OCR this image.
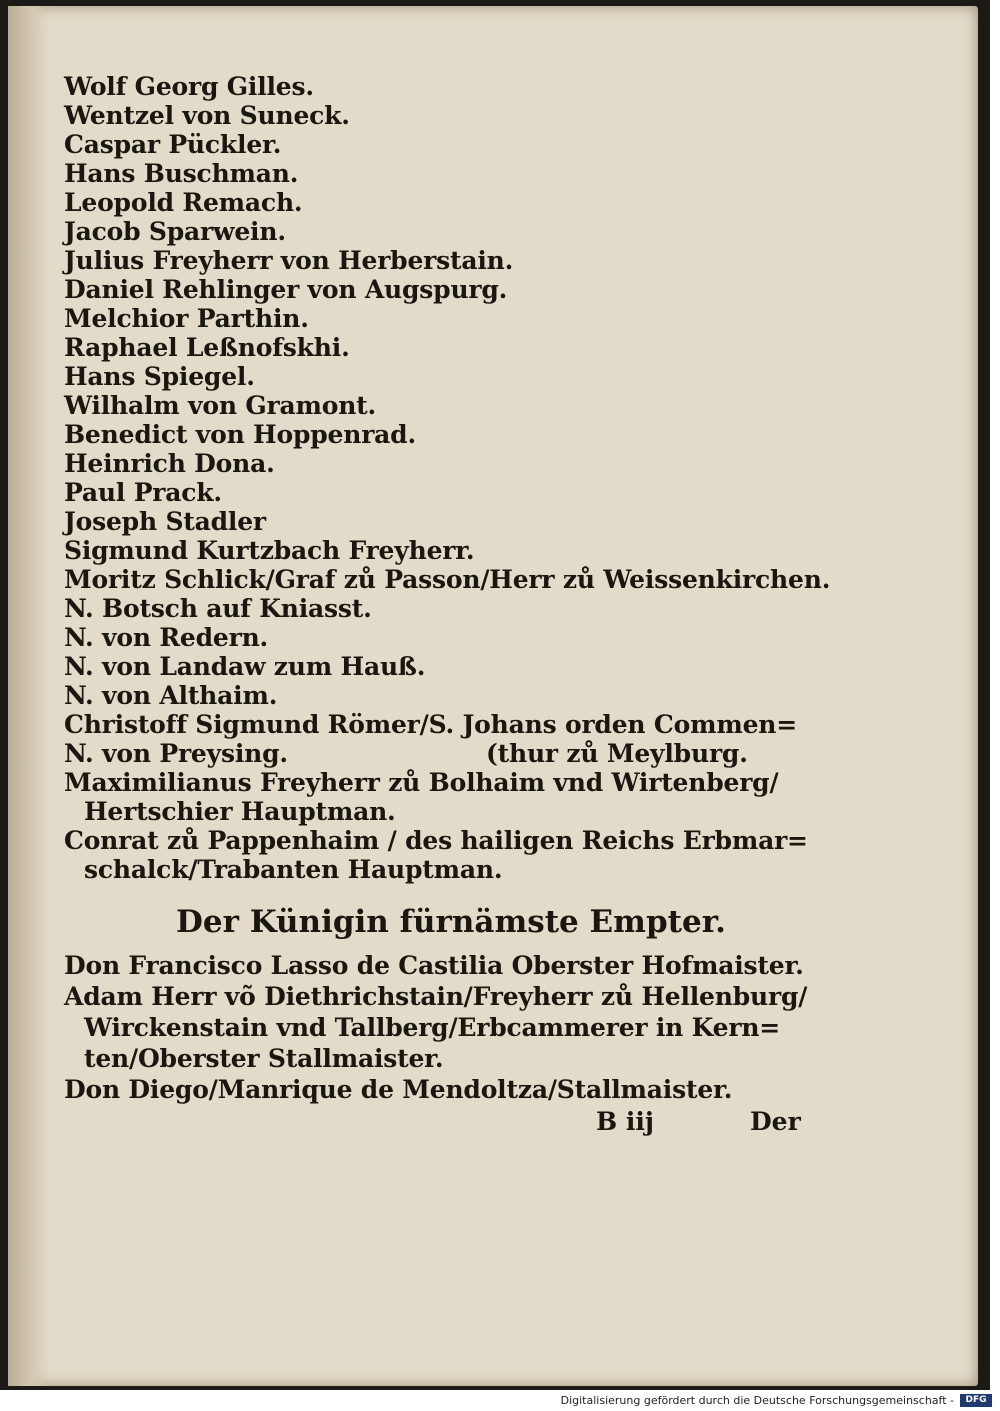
Wolf Georg Gilles.
Wentzel von Suneck.
Caspar Pückler.
Hans Buschman.
Leopold Remach.
Jacob Sparwein.
Julius Freyherr von Herberstain.
Daniel Rehlinger von Augspurg.
Melchior Parthin.
Raphael Leßnofskhi.
Hans Spiegel.
Wilhalm von Gramont.
Benedict von Hoppenrad.
Heinrich Dona.
Paul Prack.
Joseph Stadler
Sigmund Kurtzbach Freyherr.
Moritz Schlick/Graf zů Passon/Herr zů Weissenkirchen.
N. Botsch auf Kniasst.
N. von Redern.
N. von Landaw zum Hauß.
N. von Althaim.
Christoff Sigmund Römer/S. Johans orden Commen=
N. von Preysing.	(thur zů Meylburg.
Maximilianus Freyherr zů Bolhaim vnd Wirtenberg/
Hertschier Hauptman.
Conrat zů Pappenhaim / des hailigen Reichs Erbmar=
schalck/Trabanten Hauptman.
Der Künigin fürnämste Empter.
Don Francisco Lasso de Castilia Oberster Hofmaister.
Adam Herr võ Diethrichstain/Freyherr zů Hellenburg/
Wirckenstain vnd Tallberg/Erbcammerer in Kern=
ten/Oberster Stallmaister.
Don Diego/Manrique de Mendoltza/Stallmaister.
B iij	Der
Digitalisierung gefördert durch die Deutsche Forschungsgemeinschaft -	DFG
